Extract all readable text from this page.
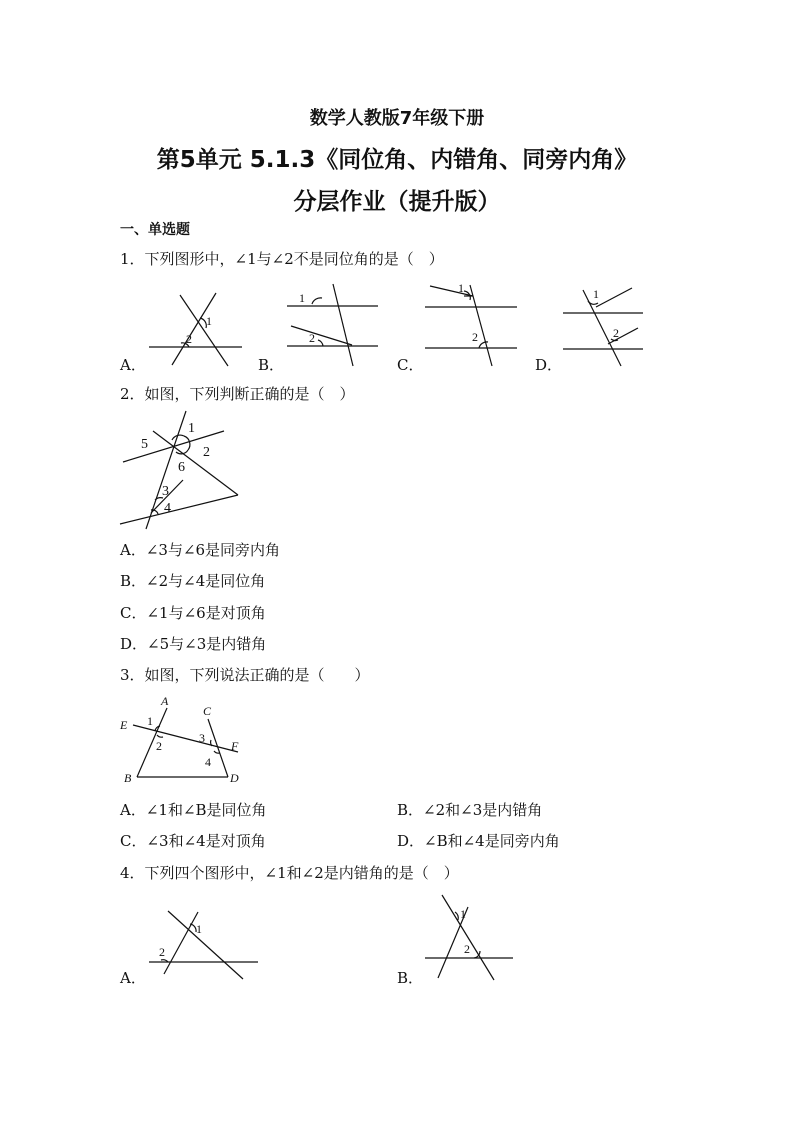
数学人教版7年级下册
第5单元 5.1.3《同位角、内错角、同旁内角》
分层作业（提升版）
一、单选题
1．下列图形中，∠1与∠2不是同位角的是（　）
1
2
1
2
1
2
1
2
1
2
5
6
3
4
A
C
E
F
B	D
1
2
3
4
1
2
1
2
A．	B．	C．	D．
2．如图，下列判断正确的是（　）
A．∠3与∠6是同旁内角
B．∠2与∠4是同位角
C．∠1与∠6是对顶角
D．∠5与∠3是内错角
3．如图，下列说法正确的是（　　）
A．∠1和∠B是同位角	B．∠2和∠3是内错角
C．∠3和∠4是对顶角	D．∠B和∠4是同旁内角
4．下列四个图形中，∠1和∠2是内错角的是（　）
A．	B．
